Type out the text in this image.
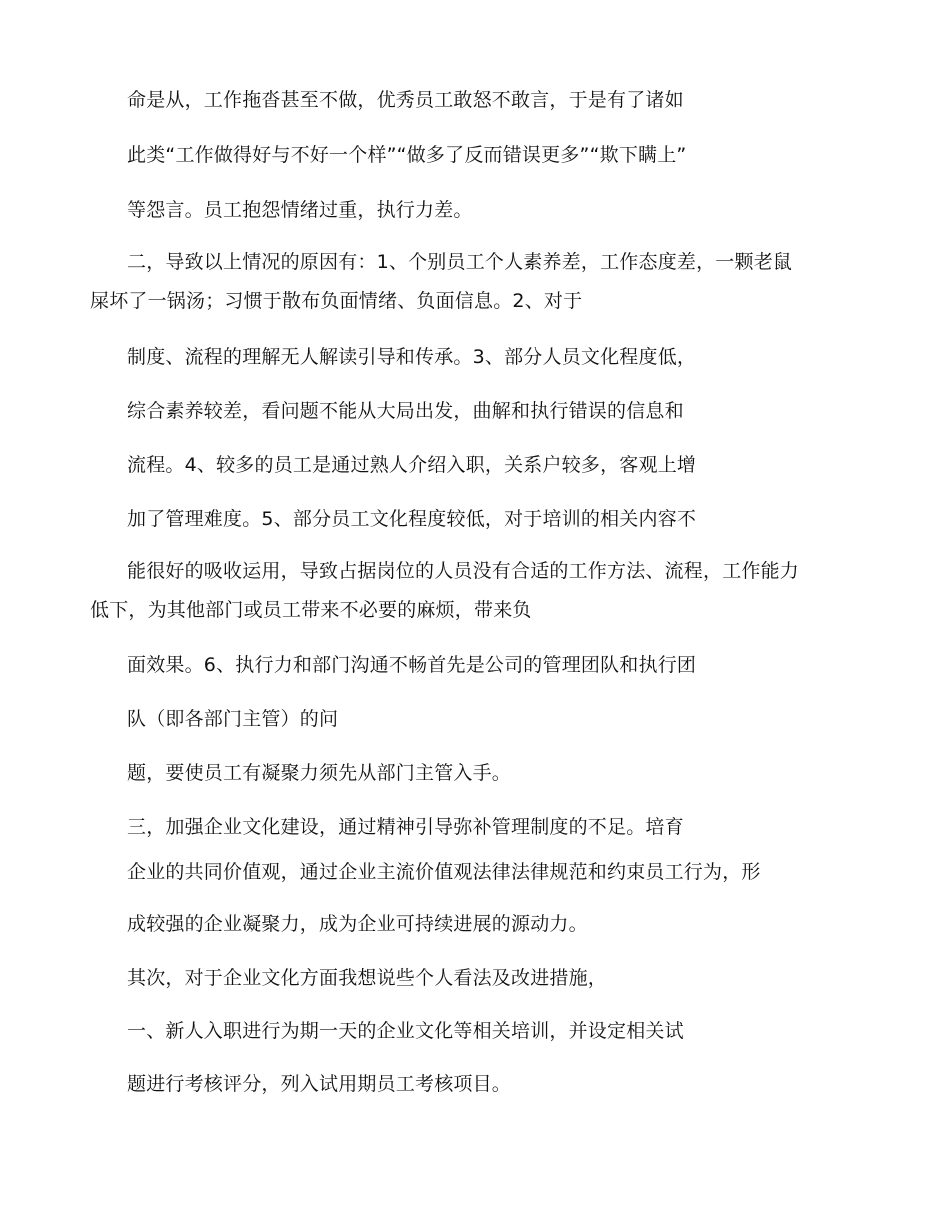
命是从，工作拖沓甚至不做，优秀员工敢怒不敢言，于是有了诸如
此类“工作做得好与不好一个样”“做多了反而错误更多”“欺下瞒上”
等怨言。员工抱怨情绪过重，执行力差。
二，导致以上情况的原因有：1、个别员工个人素养差，工作态度差，一颗老鼠
屎坏了一锅汤；习惯于散布负面情绪、负面信息。2、对于
制度、流程的理解无人解读引导和传承。3、部分人员文化程度低，
综合素养较差，看问题不能从大局出发，曲解和执行错误的信息和
流程。4、较多的员工是通过熟人介绍入职，关系户较多，客观上增
加了管理难度。5、部分员工文化程度较低，对于培训的相关内容不
能很好的吸收运用，导致占据岗位的人员没有合适的工作方法、流程，工作能力
低下，为其他部门或员工带来不必要的麻烦，带来负
面效果。6、执行力和部门沟通不畅首先是公司的管理团队和执行团
队（即各部门主管）的问
题，要使员工有凝聚力须先从部门主管入手。
三，加强企业文化建设，通过精神引导弥补管理制度的不足。培育
企业的共同价值观，通过企业主流价值观法律法律规范和约束员工行为，形
成较强的企业凝聚力，成为企业可持续进展的源动力。
其次，对于企业文化方面我想说些个人看法及改进措施，
一、新人入职进行为期一天的企业文化等相关培训，并设定相关试
题进行考核评分，列入试用期员工考核项目。
